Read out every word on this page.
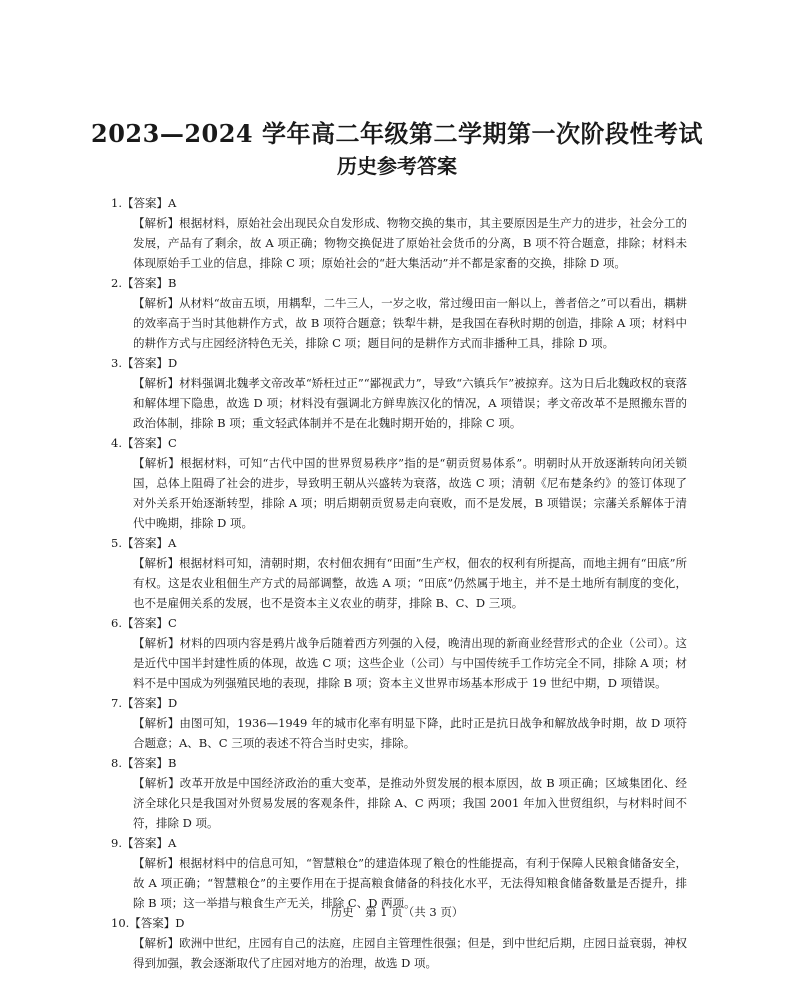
2023—2024 学年高二年级第二学期第一次阶段性考试
历史参考答案
1.【答案】A
【解析】根据材料，原始社会出现民众自发形成、物物交换的集市，其主要原因是生产力的进步，社会分工的发展，产品有了剩余，故 A 项正确；物物交换促进了原始社会货币的分离，B 项不符合题意，排除；材料未体现原始手工业的信息，排除 C 项；原始社会的“赶大集活动”并不都是家畜的交换，排除 D 项。
2.【答案】B
【解析】从材料“故亩五顷，用耦犁，二牛三人，一岁之收，常过缦田亩一斛以上，善者倍之”可以看出，耦耕的效率高于当时其他耕作方式，故 B 项符合题意；铁犁牛耕，是我国在春秋时期的创造，排除 A 项；材料中的耕作方式与庄园经济特色无关，排除 C 项；题目问的是耕作方式而非播种工具，排除 D 项。
3.【答案】D
【解析】材料强调北魏孝文帝改革“矫枉过正”“鄙视武力”，导致“六镇兵乍”被掠弃。这为日后北魏政权的衰落和解体埋下隐患，故选 D 项；材料没有强调北方鲜卑族汉化的情况，A 项错误；孝文帝改革不是照搬东晋的政治体制，排除 B 项；重文轻武体制并不是在北魏时期开始的，排除 C 项。
4.【答案】C
【解析】根据材料，可知“古代中国的世界贸易秩序”指的是“朝贡贸易体系”。明朝时从开放逐渐转向闭关锁国，总体上阻碍了社会的进步，导致明王朝从兴盛转为衰落，故选 C 项；清朝《尼布楚条约》的签订体现了对外关系开始逐渐转型，排除 A 项；明后期朝贡贸易走向衰败，而不是发展，B 项错误；宗藩关系解体于清代中晚期，排除 D 项。
5.【答案】A
【解析】根据材料可知，清朝时期，农村佃农拥有“田面”生产权，佃农的权利有所提高，而地主拥有“田底”所有权。这是农业租佃生产方式的局部调整，故选 A 项；“田底”仍然属于地主，并不是土地所有制度的变化，也不是雇佣关系的发展，也不是资本主义农业的萌芽，排除 B、C、D 三项。
6.【答案】C
【解析】材料的四项内容是鸦片战争后随着西方列强的入侵，晚清出现的新商业经营形式的企业（公司）。这是近代中国半封建性质的体现，故选 C 项；这些企业（公司）与中国传统手工作坊完全不同，排除 A 项；材料不是中国成为列强殖民地的表现，排除 B 项；资本主义世界市场基本形成于 19 世纪中期，D 项错误。
7.【答案】D
【解析】由图可知，1936—1949 年的城市化率有明显下降，此时正是抗日战争和解放战争时期，故 D 项符合题意；A、B、C 三项的表述不符合当时史实，排除。
8.【答案】B
【解析】改革开放是中国经济政治的重大变革，是推动外贸发展的根本原因，故 B 项正确；区域集团化、经济全球化只是我国对外贸易发展的客观条件，排除 A、C 两项；我国 2001 年加入世贸组织，与材料时间不符，排除 D 项。
9.【答案】A
【解析】根据材料中的信息可知，“智慧粮仓”的建造体现了粮仓的性能提高，有利于保障人民粮食储备安全，故 A 项正确；“智慧粮仓”的主要作用在于提高粮食储备的科技化水平，无法得知粮食储备数量是否提升，排除 B 项；这一举措与粮食生产无关，排除 C、D 两项。
10.【答案】D
【解析】欧洲中世纪，庄园有自己的法庭，庄园自主管理性很强；但是，到中世纪后期，庄园日益衰弱，神权得到加强，教会逐渐取代了庄园对地方的治理，故选 D 项。
历史　第 1 页（共 3 页）
